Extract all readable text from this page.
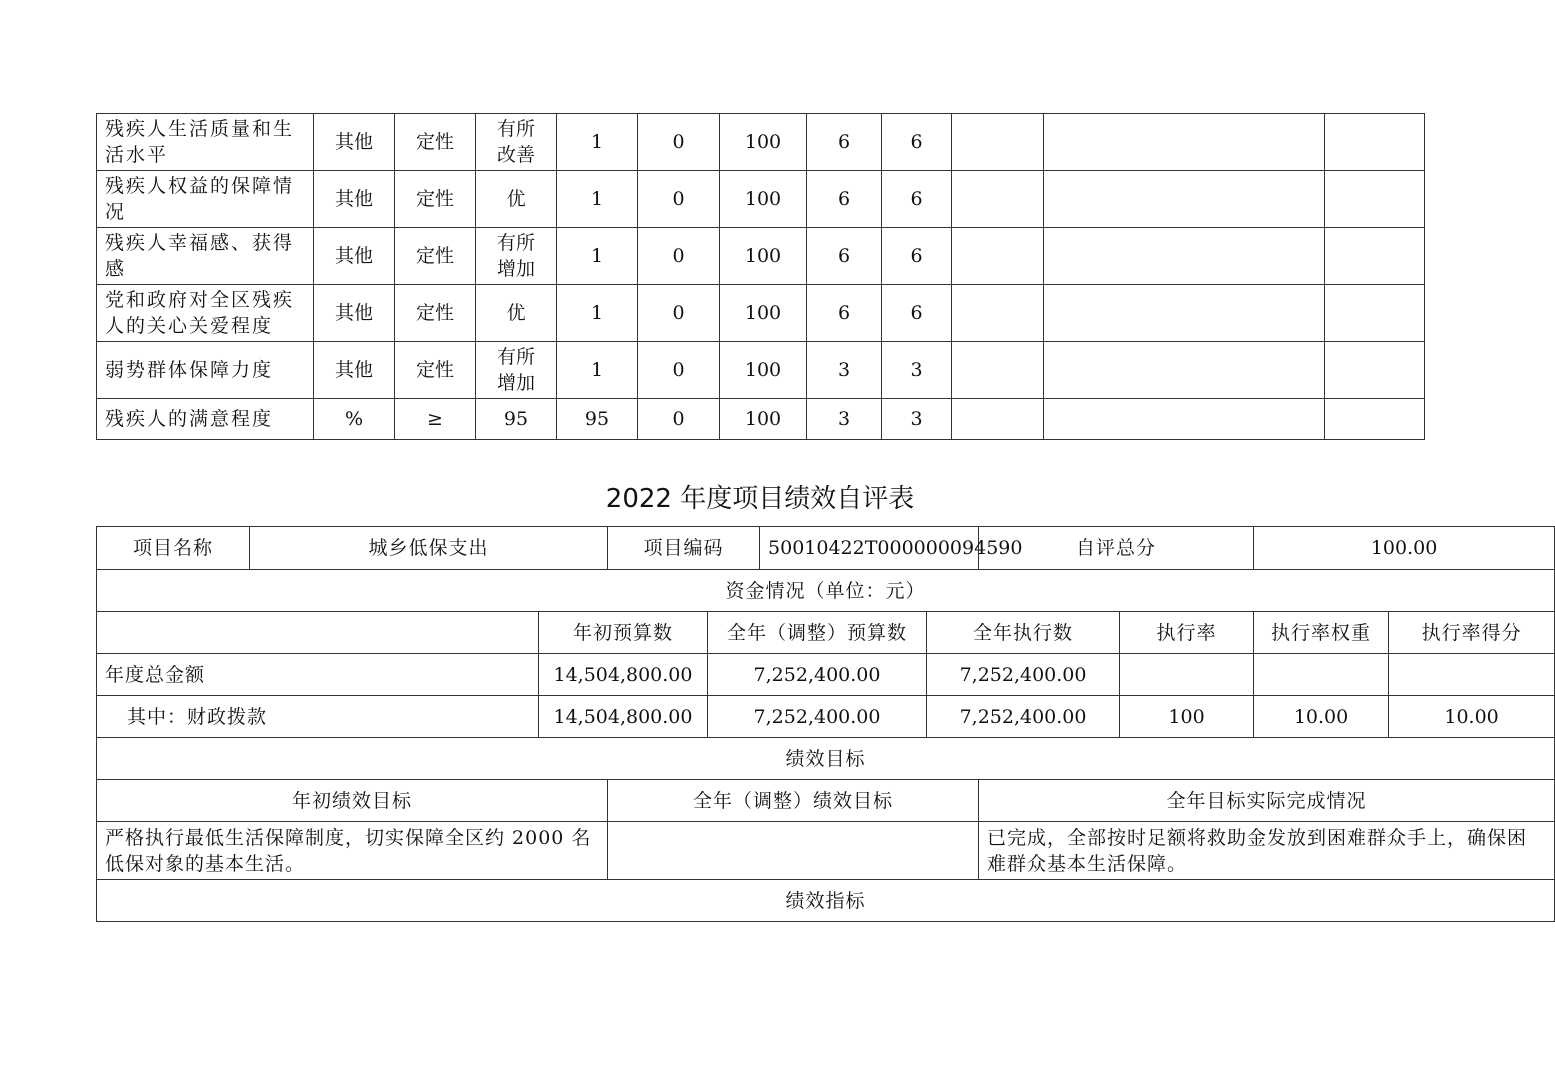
残疾人生活质量和生活水平	其他	定性	有所改善	1	0	100	6	6			
残疾人权益的保障情况	其他	定性	优	1	0	100	6	6			
残疾人幸福感、获得感	其他	定性	有所增加	1	0	100	6	6			
党和政府对全区残疾人的关心关爱程度	其他	定性	优	1	0	100	6	6			
弱势群体保障力度	其他	定性	有所增加	1	0	100	3	3			
残疾人的满意程度	%	≥	95	95	0	100	3	3			
2022 年度项目绩效自评表
项目名称	城乡低保支出		项目编码		50010422T000000094590		自评总分		100.00	
资金情况（单位：元）										
		年初预算数		全年（调整）预算数		全年执行数		执行率	执行率权重	执行率得分
年度总金额		14,504,800.00		7,252,400.00		7,252,400.00				
其中：财政拨款		14,504,800.00		7,252,400.00		7,252,400.00		100	10.00	10.00
绩效目标										
年初绩效目标			全年（调整）绩效目标				全年目标实际完成情况			
严格执行最低生活保障制度，切实保障全区约 2000 名低保对象的基本生活。							已完成，全部按时足额将救助金发放到困难群众手上，确保困难群众基本生活保障。			
绩效指标										
